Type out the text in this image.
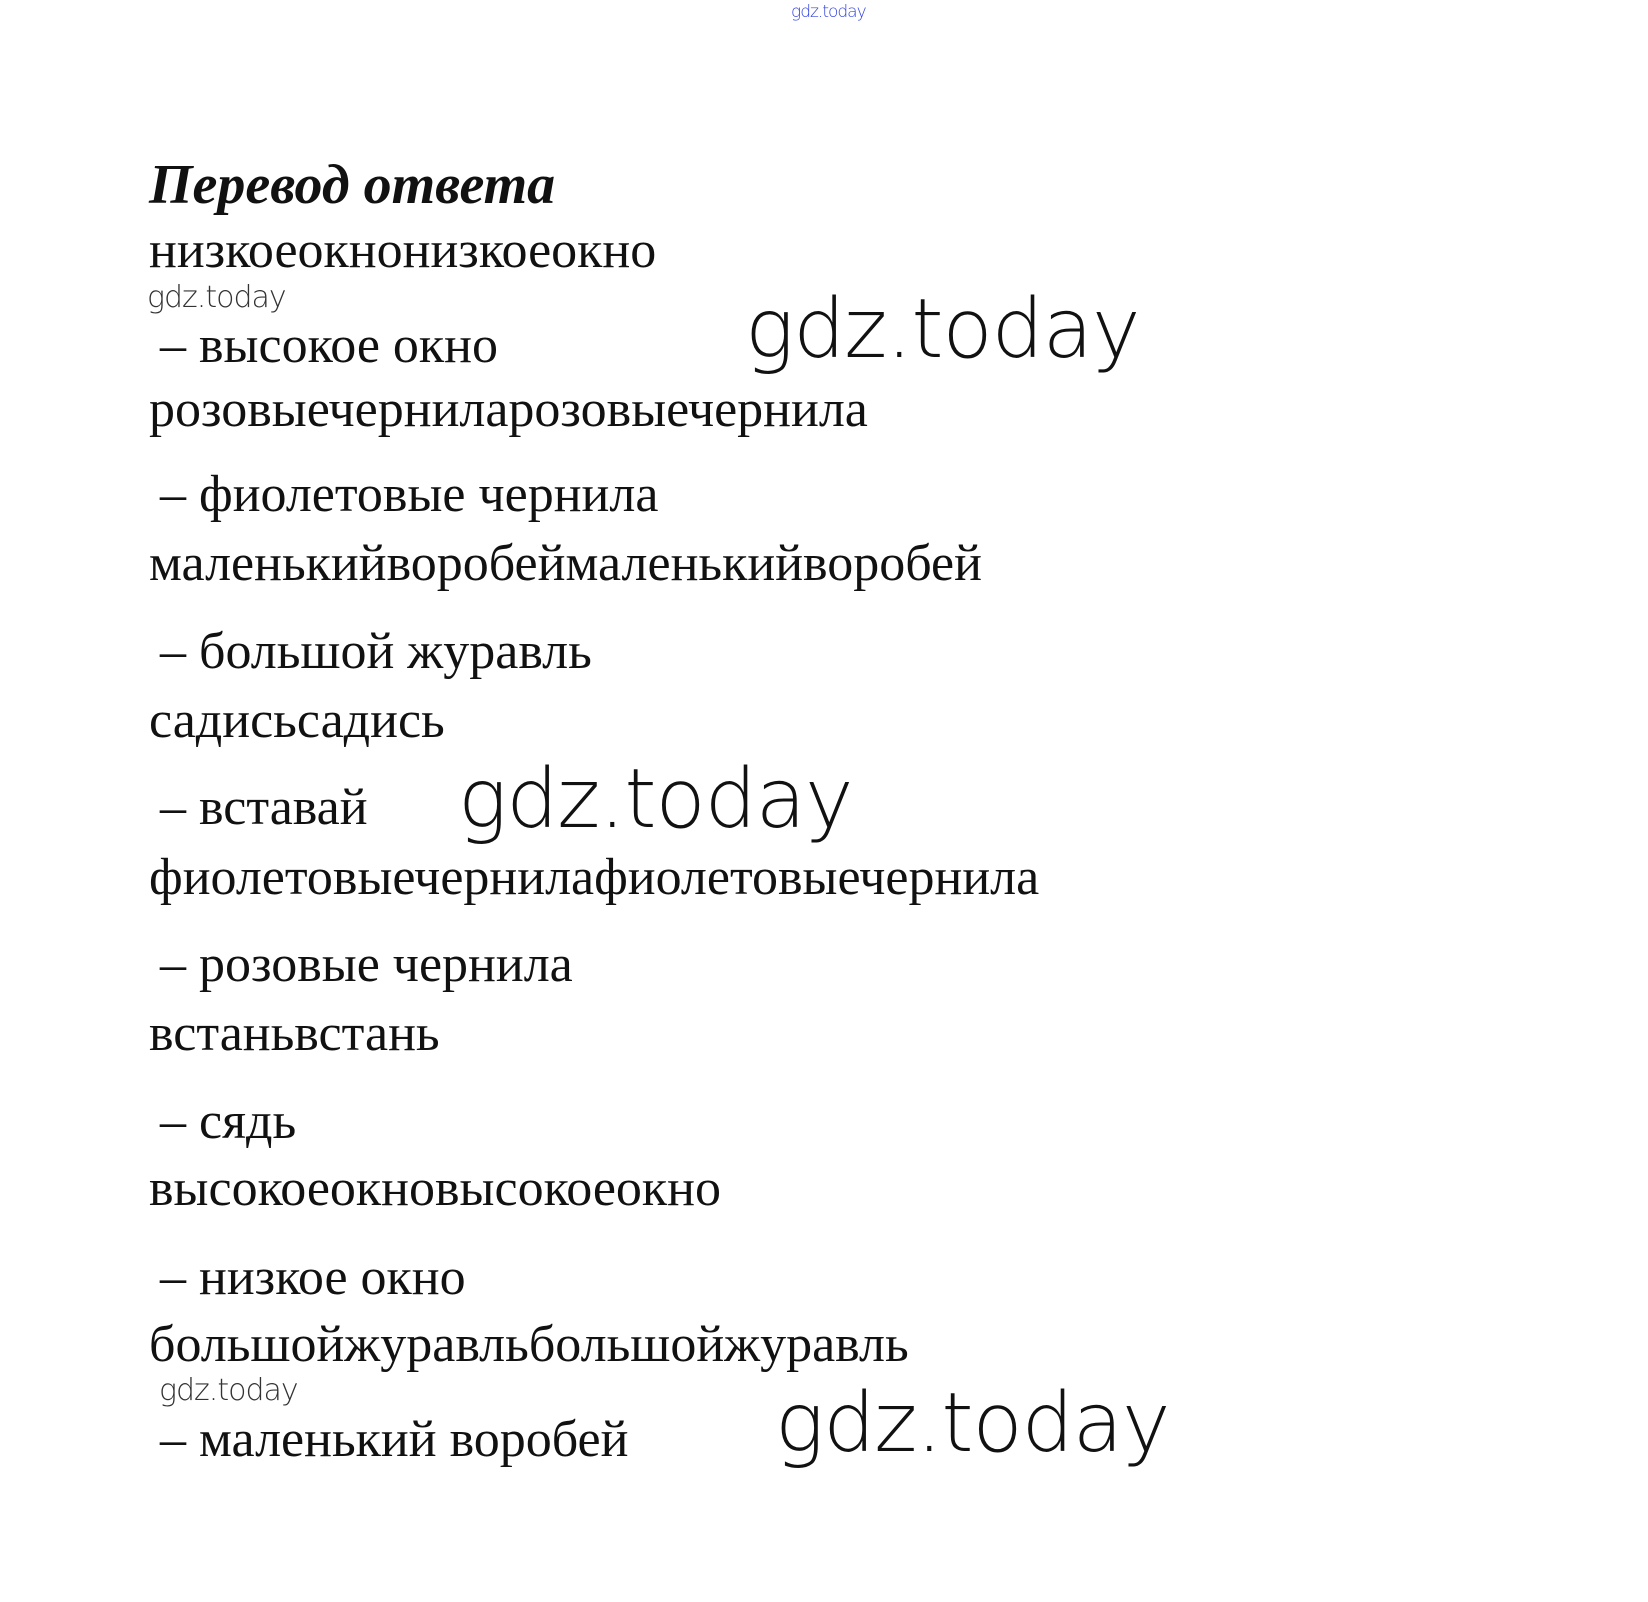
gdz.today
Перевод ответа
низкоеокнонизкоеокно
– высокое окно
розовыечерниларозовыечернила
– фиолетовые чернила
маленькийворобеймаленькийворобей
– большой журавль
садисьсадись
– вставай
фиолетовыечернилафиолетовыечернила
– розовые чернила
встаньвстань
– сядь
высокоеокновысокоеокно
– низкое окно
большойжуравльбольшойжуравль
– маленький воробей
gdz.today	gdz.today
gdz.today
gdz.today	gdz.today
